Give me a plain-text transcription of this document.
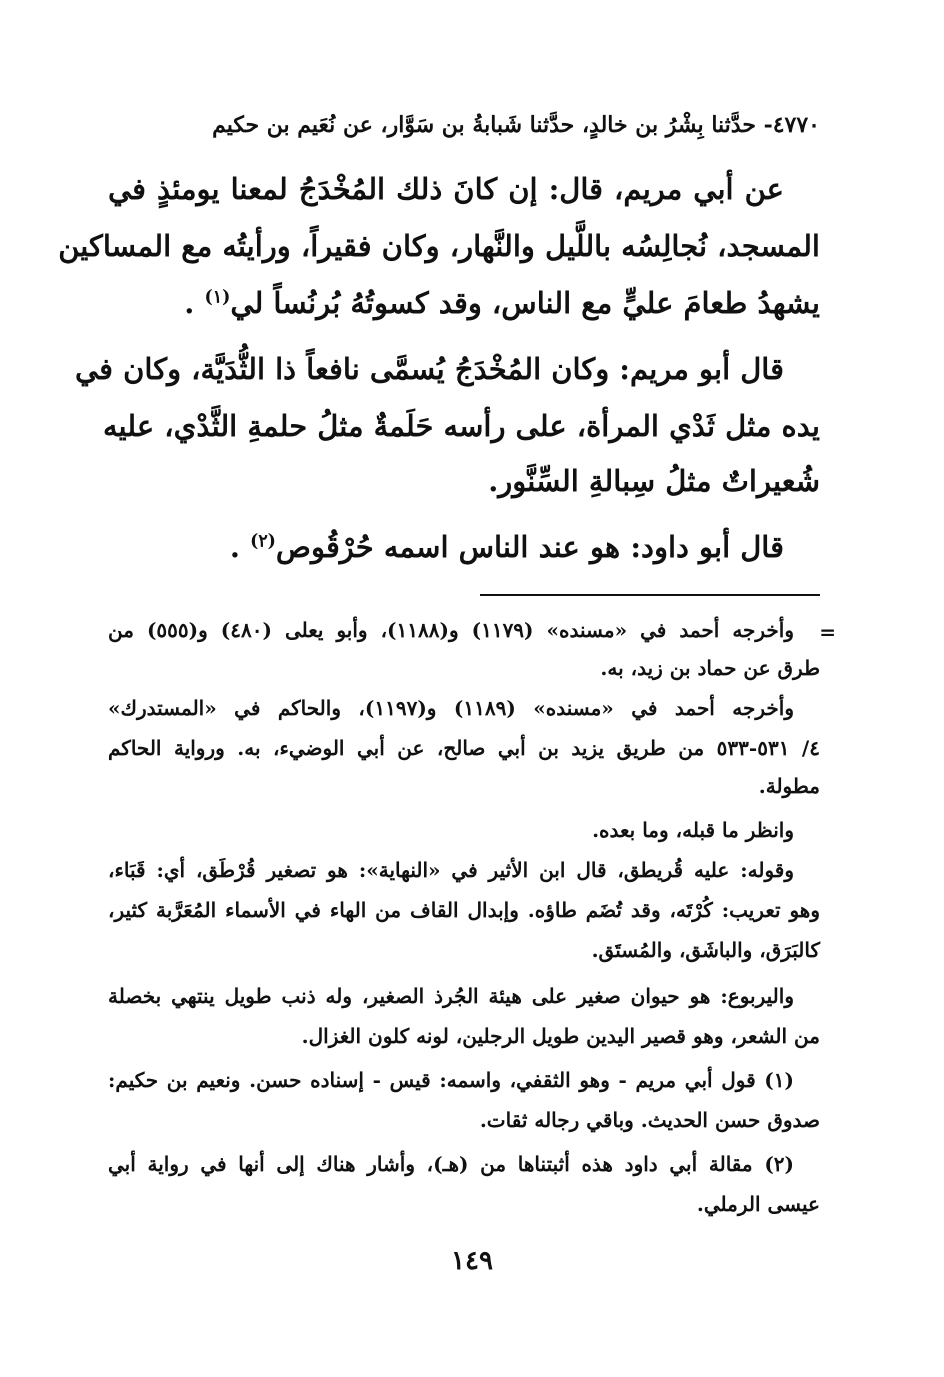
٤٧٧٠- حدَّثنا بِشْرُ بن خالدٍ، حدَّثنا شَبابةُ بن سَوَّار، عن نُعَيم بن حكيم
عن أبي مريم، قال: إن كانَ ذلك المُخْدَجُ لمعنا يومئذٍ في
المسجد، نُجالِسُه باللَّيل والنَّهار، وكان فقيراً، ورأيتُه مع المساكين
يشهدُ طعامَ عليٍّ مع الناس، وقد كسوتُهُ بُرنُساً لي$^{(١)}$ .
قال أبو مريم: وكان المُخْدَجُ يُسمَّى نافعاً ذا الثُّدَيَّة، وكان في
يده مثل ثَدْي المرأة، على رأسه حَلَمةٌ مثلُ حلمةِ الثَّدْي، عليه
شُعيراتٌ مثلُ سِبالةِ السِّنَّور.
قال أبو داود: هو عند الناس اسمه حُرْقُوص$^{(٢)}$ .
=
وأخرجه أحمد في «مسنده» (١١٧٩) و(١١٨٨)، وأبو يعلى (٤٨٠) و(٥٥٥) من
طرق عن حماد بن زيد، به.
وأخرجه أحمد في «مسنده» (١١٨٩) و(١١٩٧)، والحاكم في «المستدرك»
٤/ ٥٣١-٥٣٣ من طريق يزيد بن أبي صالح، عن أبي الوضيء، به. ورواية الحاكم
مطولة.
وانظر ما قبله، وما بعده.
وقوله: عليه قُريطق، قال ابن الأثير في «النهاية»: هو تصغير قُرْطَق، أي: قَبَاء،
وهو تعريب: كُرْتَه، وقد تُضَم طاؤه. وإبدال القاف من الهاء في الأسماء المُعَرَّبة كثير،
كالبَرَق، والباشَق، والمُستَق.
واليربوع: هو حيوان صغير على هيئة الجُرذ الصغير، وله ذنب طويل ينتهي بخصلة
من الشعر، وهو قصير اليدين طويل الرجلين، لونه كلون الغزال.
(١) قول أبي مريم - وهو الثقفي، واسمه: قيس - إسناده حسن. ونعيم بن حكيم:
صدوق حسن الحديث. وباقي رجاله ثقات.
(٢) مقالة أبي داود هذه أثبتناها من (هـ)، وأشار هناك إلى أنها في رواية أبي
عيسى الرملي.
١٤٩
